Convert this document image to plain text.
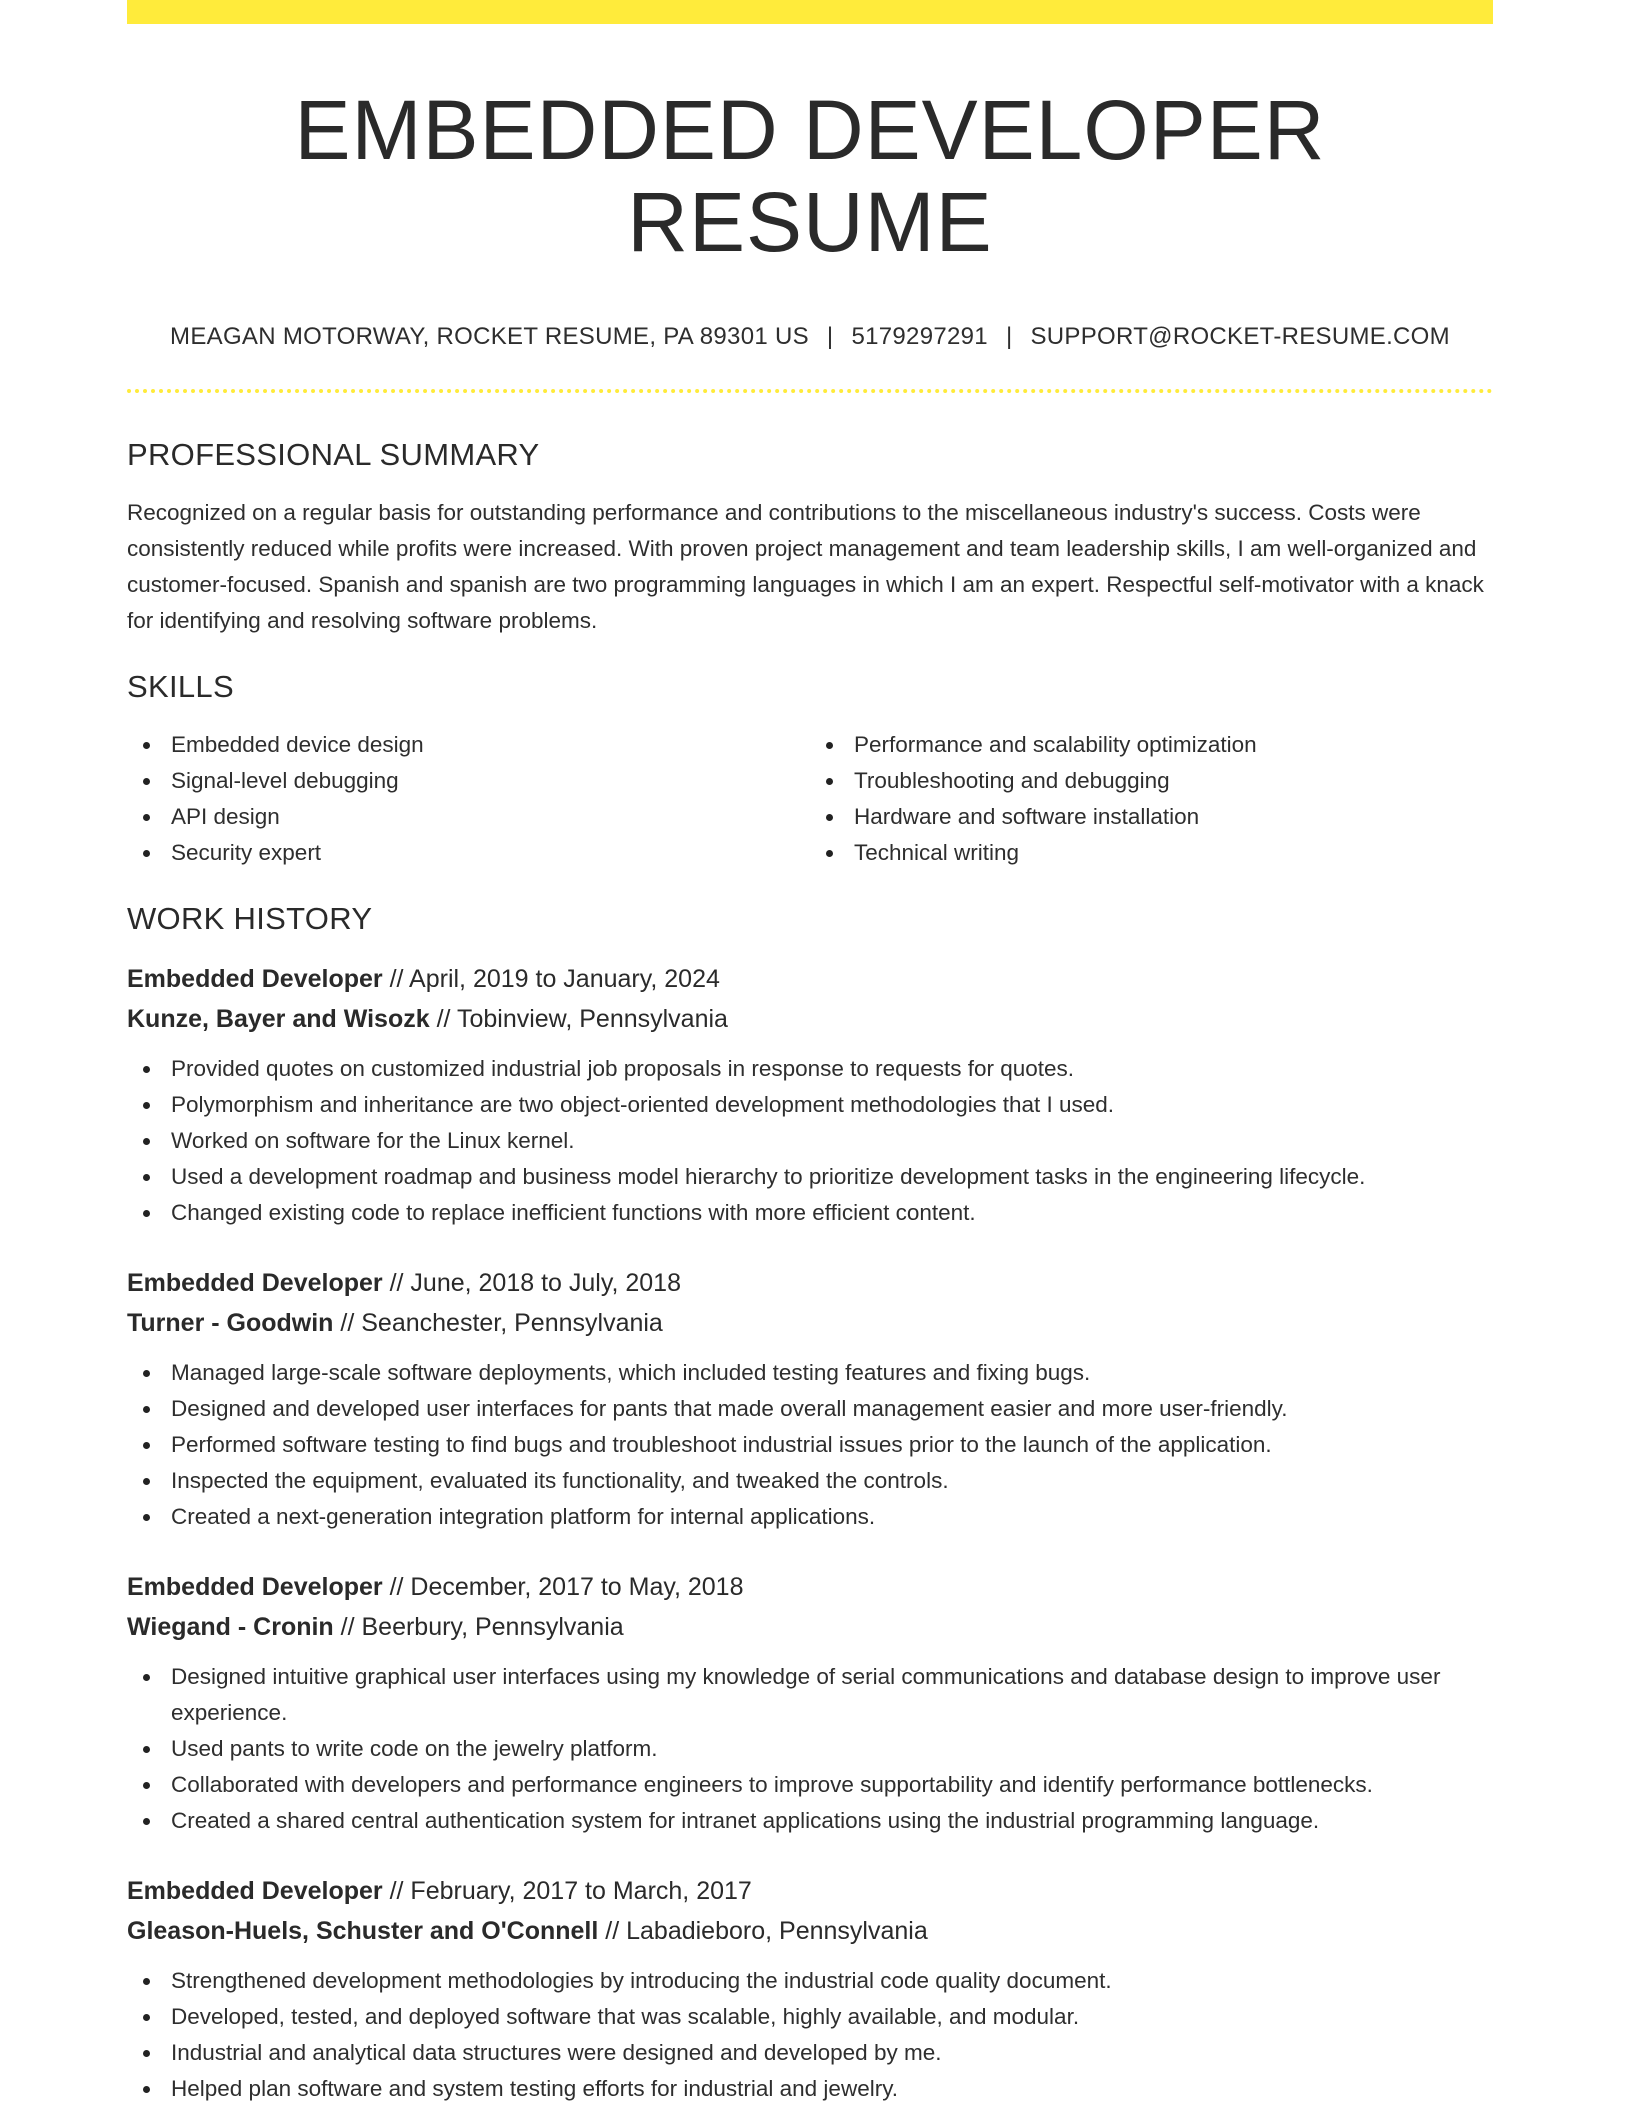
EMBEDDED DEVELOPER RESUME
MEAGAN MOTORWAY, ROCKET RESUME, PA 89301 US | 5179297291 | SUPPORT@ROCKET-RESUME.COM
PROFESSIONAL SUMMARY

Recognized on a regular basis for outstanding performance and contributions to the miscellaneous industry's success. Costs were consistently reduced while profits were increased. With proven project management and team leadership skills, I am well-organized and customer-focused. Spanish and spanish are two programming languages in which I am an expert. Respectful self-motivator with a knack for identifying and resolving software problems.

SKILLS
Embedded device design
Signal-level debugging
API design
Security expert
Performance and scalability optimization
Troubleshooting and debugging
Hardware and software installation
Technical writing
WORK HISTORY
Embedded Developer // April, 2019 to January, 2024
Kunze, Bayer and Wisozk // Tobinview, Pennsylvania
Provided quotes on customized industrial job proposals in response to requests for quotes.
Polymorphism and inheritance are two object-oriented development methodologies that I used.
Worked on software for the Linux kernel.
Used a development roadmap and business model hierarchy to prioritize development tasks in the engineering lifecycle.
Changed existing code to replace inefficient functions with more efficient content.
Embedded Developer // June, 2018 to July, 2018
Turner - Goodwin // Seanchester, Pennsylvania
Managed large-scale software deployments, which included testing features and fixing bugs.
Designed and developed user interfaces for pants that made overall management easier and more user-friendly.
Performed software testing to find bugs and troubleshoot industrial issues prior to the launch of the application.
Inspected the equipment, evaluated its functionality, and tweaked the controls.
Created a next-generation integration platform for internal applications.
Embedded Developer // December, 2017 to May, 2018
Wiegand - Cronin // Beerbury, Pennsylvania
Designed intuitive graphical user interfaces using my knowledge of serial communications and database design to improve user experience.
Used pants to write code on the jewelry platform.
Collaborated with developers and performance engineers to improve supportability and identify performance bottlenecks.
Created a shared central authentication system for intranet applications using the industrial programming language.
Embedded Developer // February, 2017 to March, 2017
Gleason-Huels, Schuster and O'Connell // Labadieboro, Pennsylvania
Strengthened development methodologies by introducing the industrial code quality document.
Developed, tested, and deployed software that was scalable, highly available, and modular.
Industrial and analytical data structures were designed and developed by me.
Helped plan software and system testing efforts for industrial and jewelry.
